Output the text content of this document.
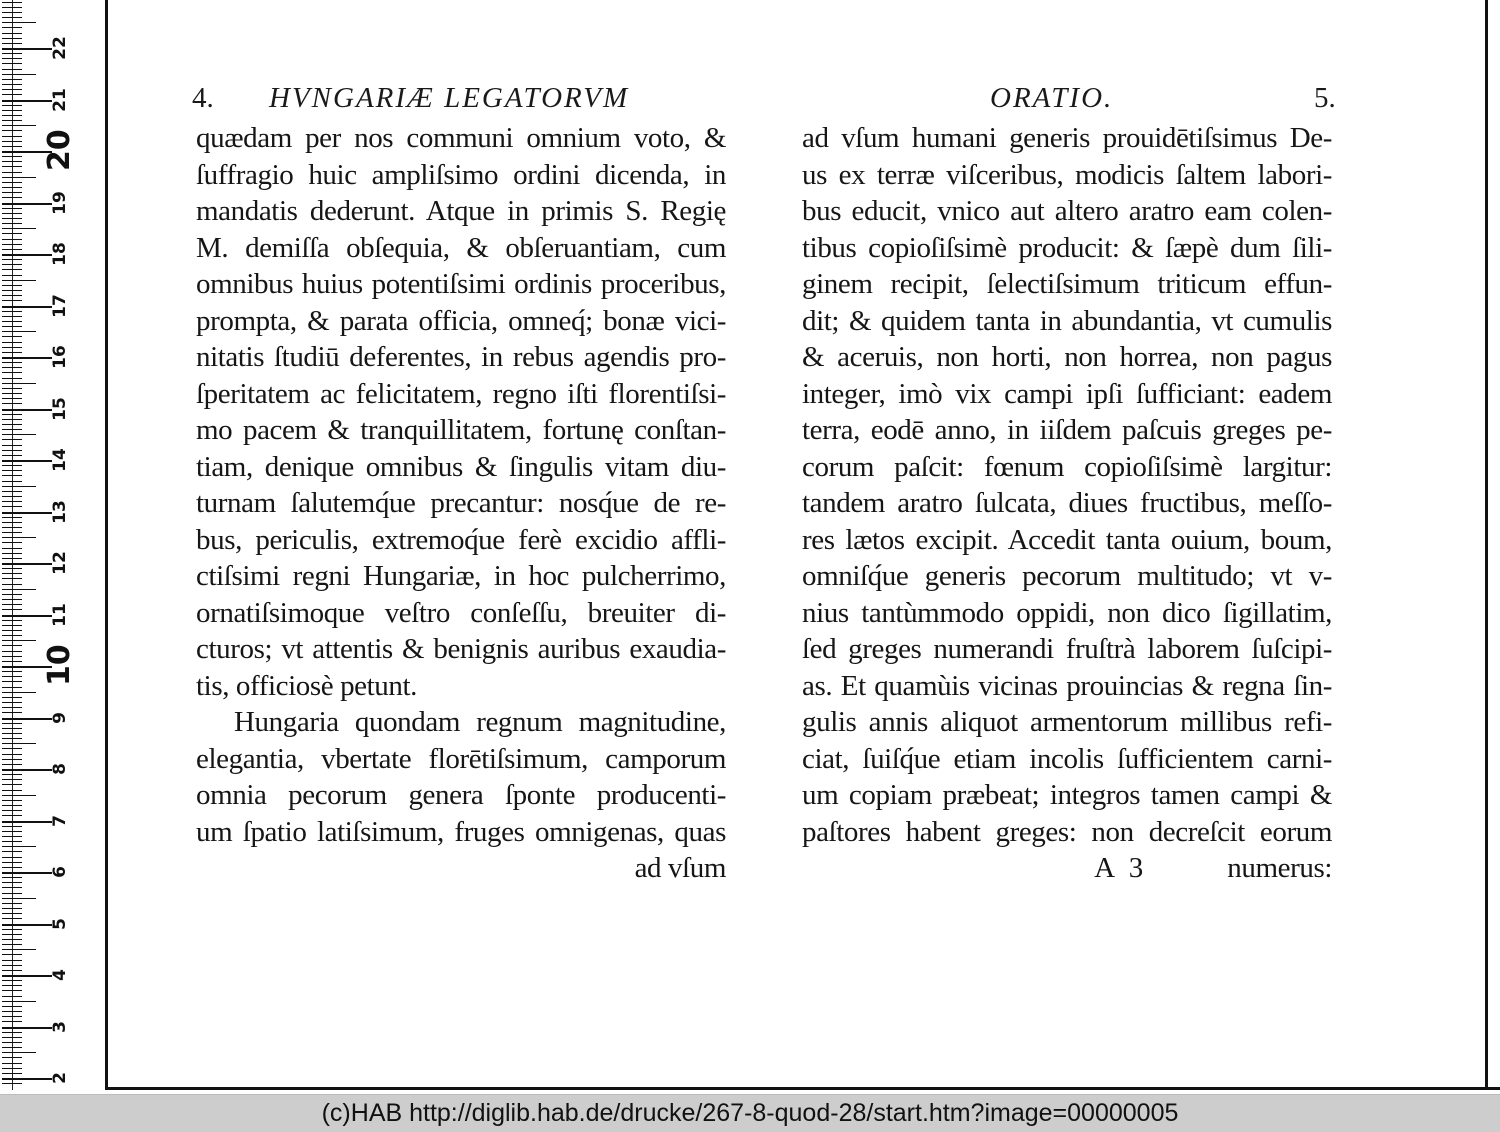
22
21
20
19
18
17
16
15
14
13
12
11
10
9
8
7
6
5
4
3
2
4. HVNGARIÆ LEGATORVM	ORATIO.	5.
quædam per nos communi omnium voto, &
ſuffragio huic ampliſsimo ordini dicenda, in
mandatis dederunt. Atque in primis S. Regię
M. demiſſa obſequia, & obſeruantiam, cum
omnibus huius potentiſsimi ordinis proceribus,
prompta, & parata officia, omneq́; bonæ vici-
nitatis ſtudiū deferentes, in rebus agendis pro-
ſperitatem ac felicitatem, regno iſti florentiſsi-
mo pacem & tranquillitatem, fortunę conſtan-
tiam, denique omnibus & ſingulis vitam diu-
turnam ſalutemq́ue precantur: nosq́ue de re-
bus, periculis, extremoq́ue ferè excidio affli-
ctiſsimi regni Hungariæ, in hoc pulcherrimo,
ornatiſsimoque veſtro conſeſſu, breuiter di-
cturos; vt attentis & benignis auribus exaudia-
tis, officiosè petunt.
Hungaria quondam regnum magnitudine,
elegantia, vbertate florētiſsimum, camporum
omnia pecorum genera ſponte producenti-
um ſpatio latiſsimum, fruges omnigenas, quas
ad vſum
ad vſum humani generis prouidētiſsimus De-
us ex terræ viſceribus, modicis ſaltem labori-
bus educit, vnico aut altero aratro eam colen-
tibus copioſiſsimè producit: & ſæpè dum ſili-
ginem recipit, ſelectiſsimum triticum effun-
dit; & quidem tanta in abundantia, vt cumulis
& aceruis, non horti, non horrea, non pagus
integer, imò vix campi ipſi ſufficiant: eadem
terra, eodē anno, in iiſdem paſcuis greges pe-
corum paſcit: fœnum copioſiſsimè largitur:
tandem aratro ſulcata, diues fructibus, meſſo-
res lætos excipit. Accedit tanta ouium, boum,
omniſq́ue generis pecorum multitudo; vt v-
nius tantùmmodo oppidi, non dico ſigillatim,
ſed greges numerandi fruſtrà laborem ſuſcipi-
as. Et quamùis vicinas prouincias & regna ſin-
gulis annis aliquot armentorum millibus refi-
ciat, ſuiſq́ue etiam incolis ſufficientem carni-
um copiam præbeat; integros tamen campi &
paſtores habent greges: non decreſcit eorum
A 3	numerus:
(c)HAB http://diglib.hab.de/drucke/267-8-quod-28/start.htm?image=00000005
